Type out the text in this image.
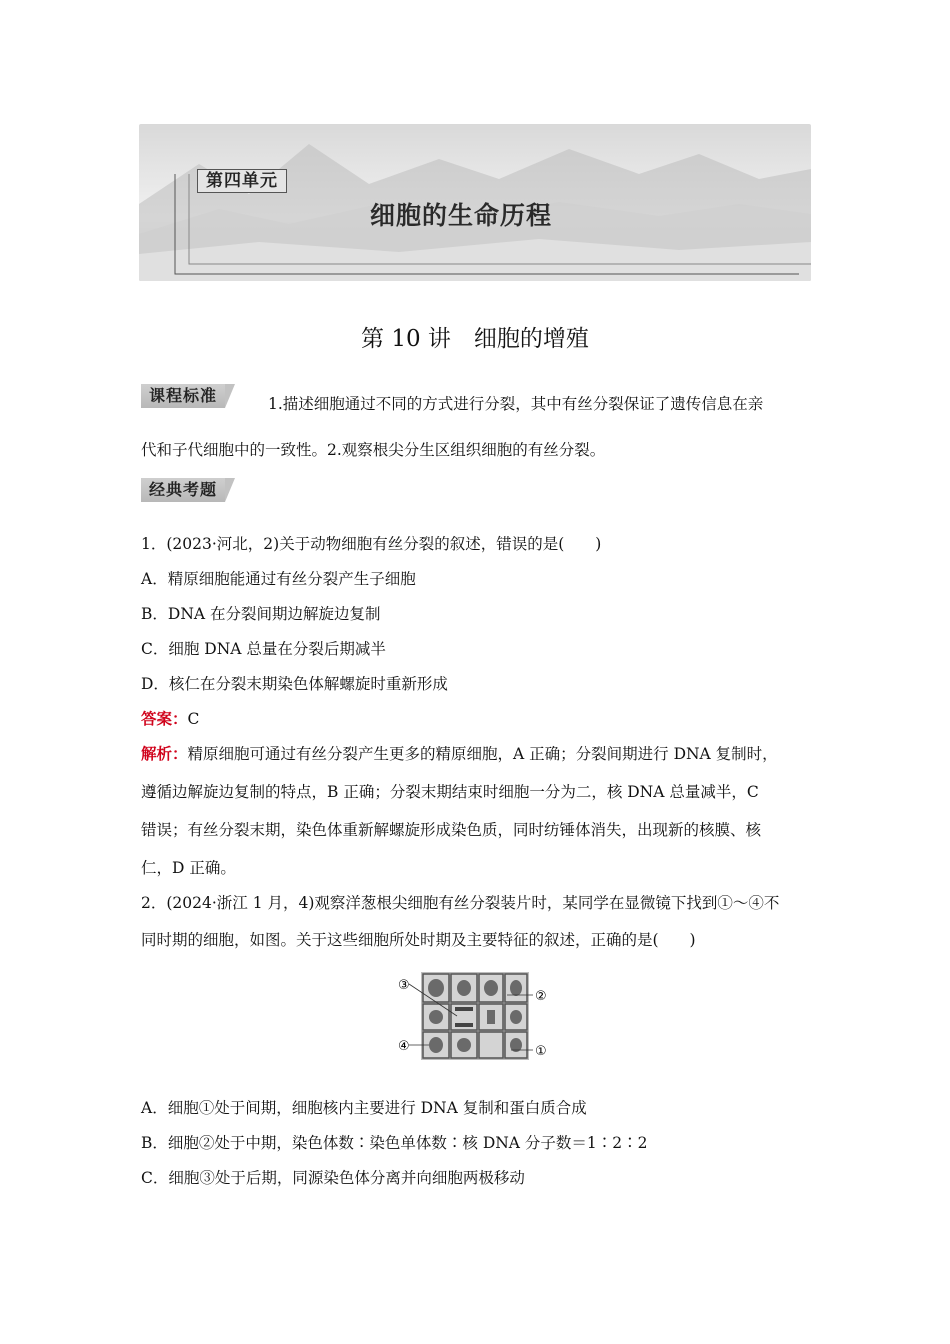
第四单元
细胞的生命历程
第 10 讲　细胞的增殖
课程标准	1.描述细胞通过不同的方式进行分裂，其中有丝分裂保证了遗传信息在亲
代和子代细胞中的一致性。2.观察根尖分生区组织细胞的有丝分裂。
经典考题
1．(2023·河北，2)关于动物细胞有丝分裂的叙述，错误的是(　　)
A．精原细胞能通过有丝分裂产生子细胞
B．DNA 在分裂间期边解旋边复制
C．细胞 DNA 总量在分裂后期减半
D．核仁在分裂末期染色体解螺旋时重新形成
答案：C
解析：精原细胞可通过有丝分裂产生更多的精原细胞，A 正确；分裂间期进行 DNA 复制时，
遵循边解旋边复制的特点，B 正确；分裂末期结束时细胞一分为二，核 DNA 总量减半，C
错误；有丝分裂末期，染色体重新解螺旋形成染色质，同时纺锤体消失，出现新的核膜、核
仁，D 正确。
2．(2024·浙江 1 月，4)观察洋葱根尖细胞有丝分裂装片时，某同学在显微镜下找到①～④不
同时期的细胞，如图。关于这些细胞所处时期及主要特征的叙述，正确的是(　　)
③
④
②
①
A．细胞①处于间期，细胞核内主要进行 DNA 复制和蛋白质合成
B．细胞②处于中期，染色体数∶染色单体数∶核 DNA 分子数＝1∶2∶2
C．细胞③处于后期，同源染色体分离并向细胞两极移动
